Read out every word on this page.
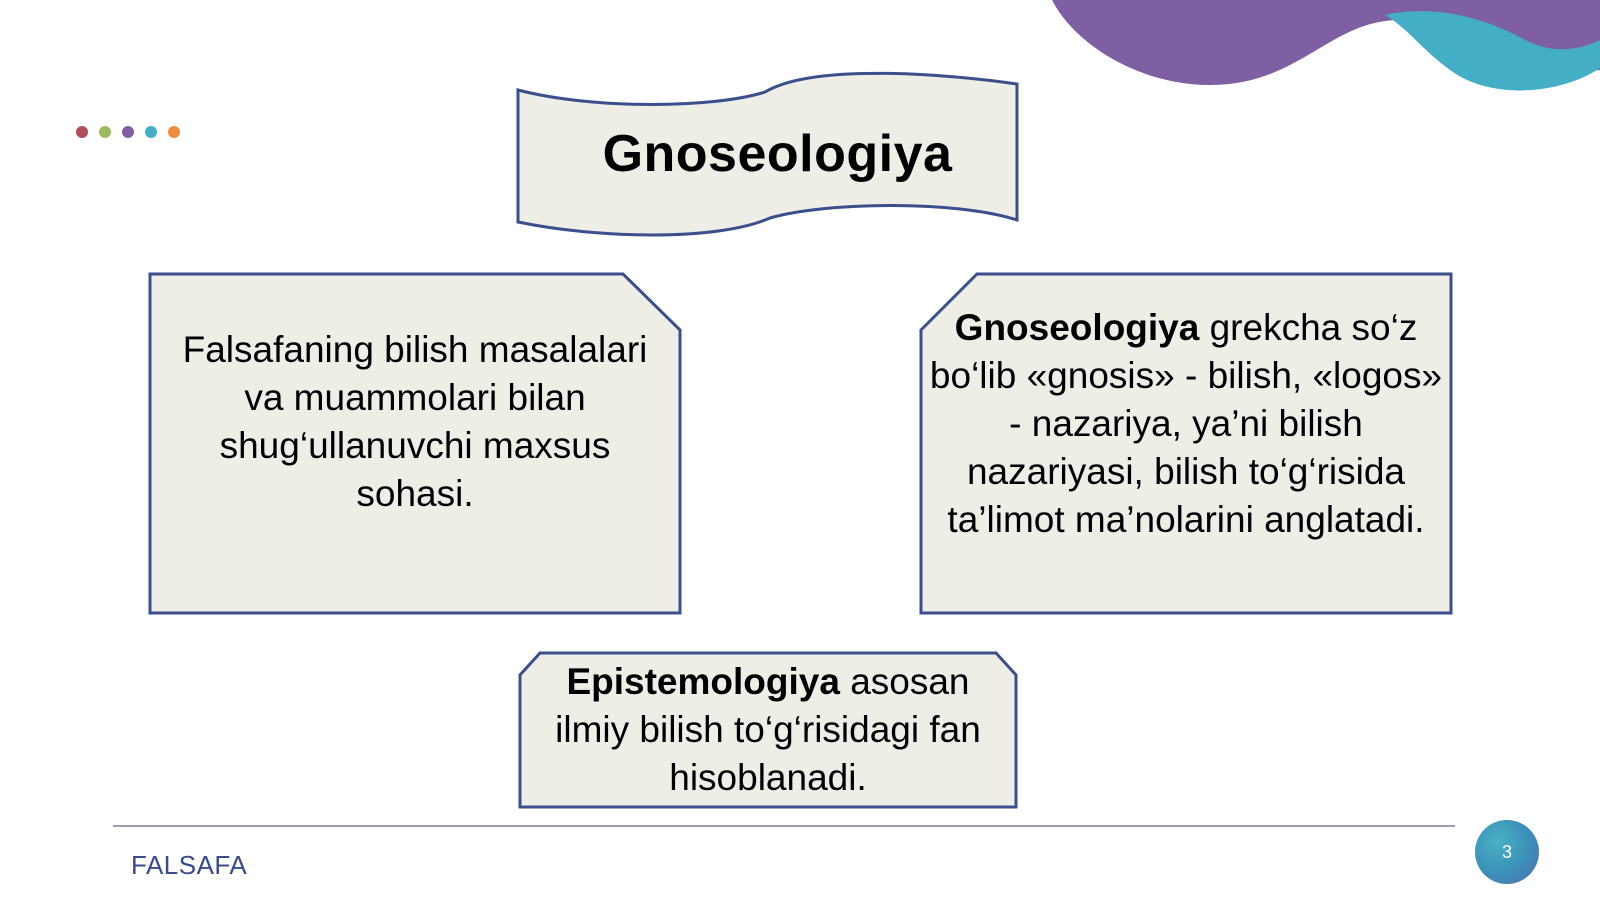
Gnoseologiya
Falsafaning bilish masalalari va muammolari bilan shug‘ullanuvchi maxsus sohasi.
Gnoseologiya grekcha so‘z bo‘lib «gnosis» - bilish, «logos» - nazariya, ya’ni bilish nazariyasi, bilish to‘g‘risida ta’limot ma’nolarini anglatadi.
Epistemologiya asosan ilmiy bilish to‘g‘risidagi fan hisoblanadi.
FALSAFA	3
